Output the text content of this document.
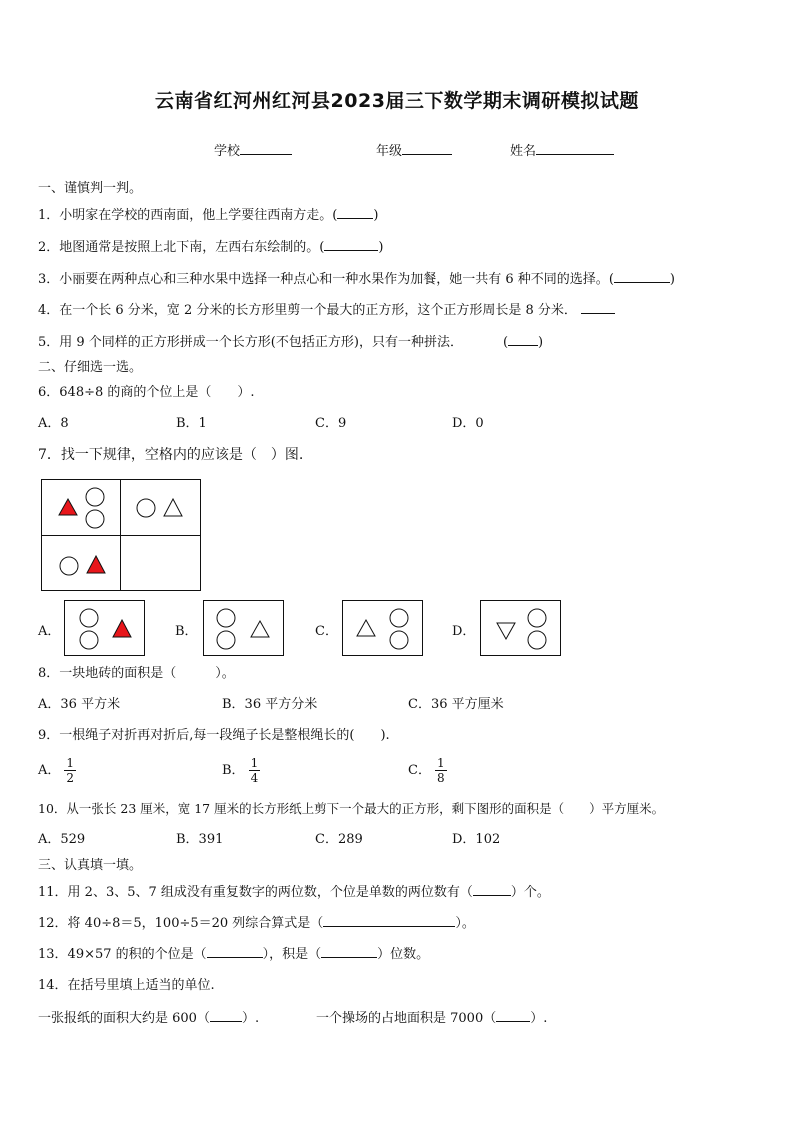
云南省红河州红河县2023届三下数学期末调研模拟试题
学校	年级	姓名
一、谨慎判一判。
1．小明家在学校的西南面，他上学要往西南方走。(	)
2．地图通常是按照上北下南，左西右东绘制的。(	)
3．小丽要在两种点心和三种水果中选择一种点心和一种水果作为加餐，她一共有 6 种不同的选择。(	)
4．在一个长 6 分米，宽 2 分米的长方形里剪一个最大的正方形，这个正方形周长是 8 分米．
5．用 9 个同样的正方形拼成一个长方形(不包括正方形)，只有一种拼法．	( )
二、仔细选一选。
6．648÷8 的商的个位上是（　　）.
A．8	B．1	C．9	D．0
7．找一下规律，空格内的应该是（　）图.
A．	B．	C．	D．
8．一块地砖的面积是（　　　）。
A．36 平方米	B．36 平方分米	C．36 平方厘米
9．一根绳子对折再对折后,每一段绳子长是整根绳长的(　　).
A． $\frac{1}{2}$	B． $\frac{1}{4}$	C． $\frac{1}{8}$
10．从一张长 23 厘米，宽 17 厘米的长方形纸上剪下一个最大的正方形，剩下图形的面积是（　　）平方厘米。
A．529	B．391	C．289	D．102
三、认真填一填。
11．用 2、3、5、7 组成没有重复数字的两位数，个位是单数的两位数有（	）个。
12．将 40÷8＝5，100÷5＝20 列综合算式是（	）。
13．49×57 的积的个位是（	），积是（	）位数。
14．在括号里填上适当的单位.
一张报纸的面积大约是 600（ ）.	一个操场的占地面积是 7000（	）.
